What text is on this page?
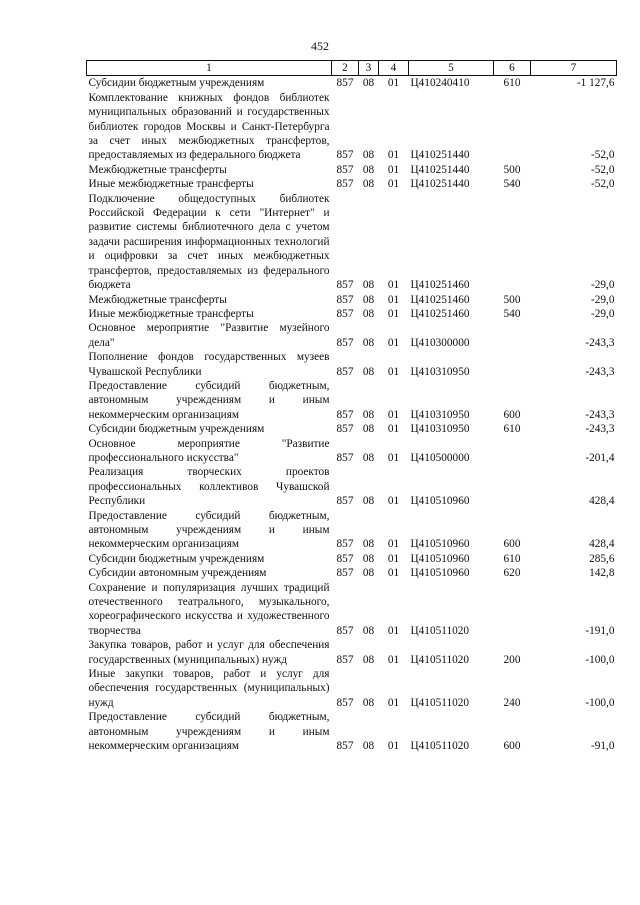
452
1	2	3	4	5	6	7
Субсидии бюджетным учреждениям	857	08	01	Ц410240410	610	-1 127,6
Комплектование книжных фондов библиотек муниципальных образований и государственных библиотек городов Москвы и Санкт-Петербурга за счет иных межбюджетных трансфертов, предоставляемых из федерального бюджета	857	08	01	Ц410251440		-52,0
Межбюджетные трансферты	857	08	01	Ц410251440	500	-52,0
Иные межбюджетные трансферты	857	08	01	Ц410251440	540	-52,0
Подключение общедоступных библиотек Российской Федерации к сети "Интернет" и развитие системы библиотечного дела с учетом задачи расширения информационных технологий и оцифровки за счет иных межбюджетных трансфертов, предоставляемых из федерального бюджета	857	08	01	Ц410251460		-29,0
Межбюджетные трансферты	857	08	01	Ц410251460	500	-29,0
Иные межбюджетные трансферты	857	08	01	Ц410251460	540	-29,0
Основное мероприятие "Развитие музейного дела"	857	08	01	Ц410300000		-243,3
Пополнение фондов государственных музеев Чувашской Республики	857	08	01	Ц410310950		-243,3
Предоставление субсидий бюджетным, автономным учреждениям и иным некоммерческим организациям	857	08	01	Ц410310950	600	-243,3
Субсидии бюджетным учреждениям	857	08	01	Ц410310950	610	-243,3
Основное мероприятие "Развитие профессионального искусства"	857	08	01	Ц410500000		-201,4
Реализация творческих проектов профессиональных коллективов Чувашской Республики	857	08	01	Ц410510960		428,4
Предоставление субсидий бюджетным, автономным учреждениям и иным некоммерческим организациям	857	08	01	Ц410510960	600	428,4
Субсидии бюджетным учреждениям	857	08	01	Ц410510960	610	285,6
Субсидии автономным учреждениям	857	08	01	Ц410510960	620	142,8
Сохранение и популяризация лучших традиций отечественного театрального, музыкального, хореографического искусства и художественного творчества	857	08	01	Ц410511020		-191,0
Закупка товаров, работ и услуг для обеспечения государственных (муниципальных) нужд	857	08	01	Ц410511020	200	-100,0
Иные закупки товаров, работ и услуг для обеспечения государственных (муниципальных) нужд	857	08	01	Ц410511020	240	-100,0
Предоставление субсидий бюджетным, автономным учреждениям и иным некоммерческим организациям	857	08	01	Ц410511020	600	-91,0
